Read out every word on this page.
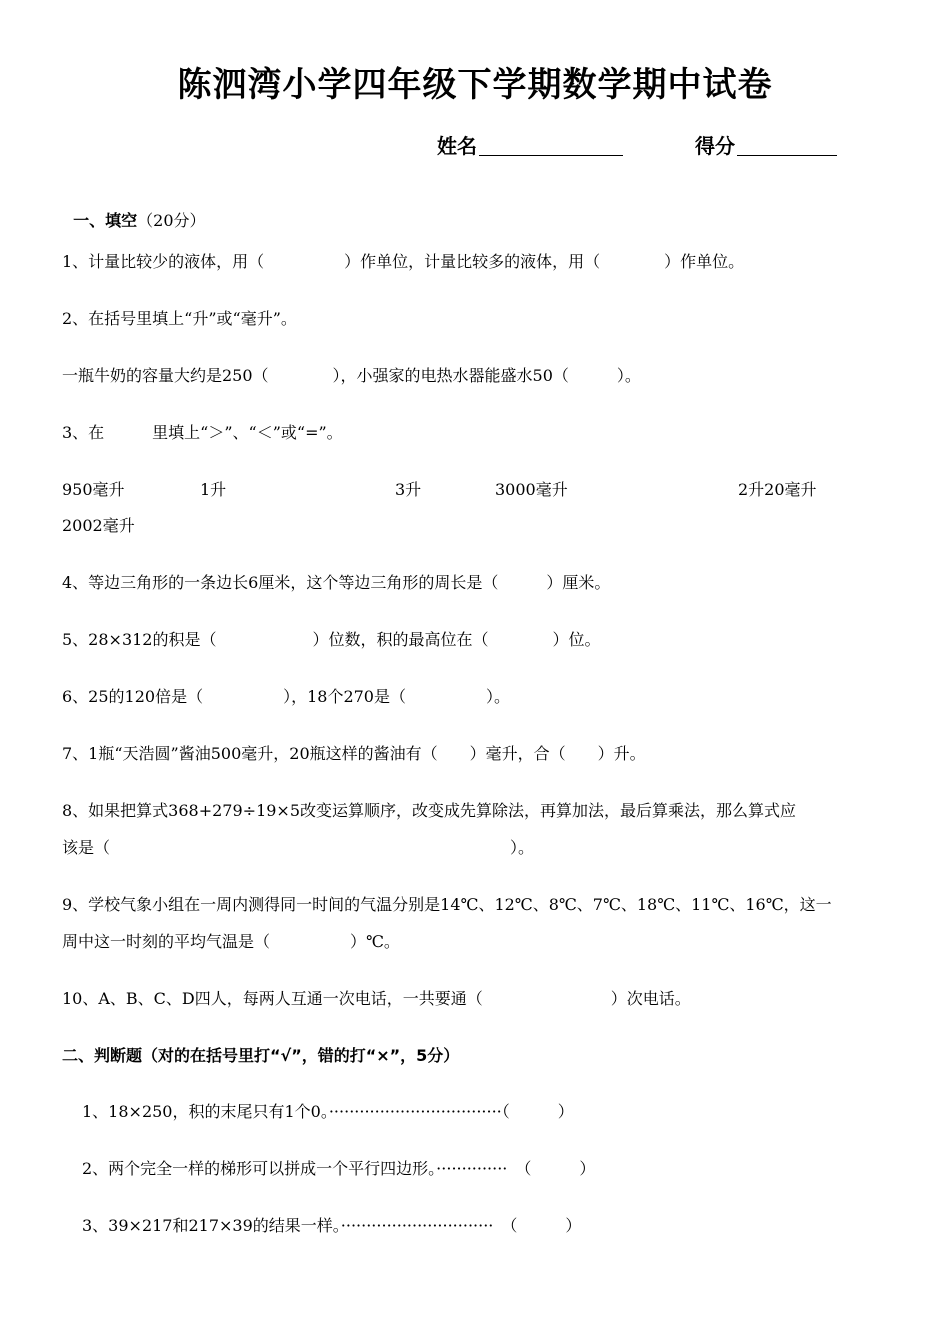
陈泗湾小学四年级下学期数学期中试卷
姓名	得分

一、填空（20分）

1、计量比较少的液体，用（　　　　　）作单位，计量比较多的液体，用（　　　　）作单位。
2、在括号里填上“升”或“毫升”。
一瓶牛奶的容量大约是250（　　　　），小强家的电热水器能盛水50（　　　）。
3、在　　　里填上“＞”、“＜”或“=”。
950毫升	1升	3升	3000毫升	2升20毫升
2002毫升
4、等边三角形的一条边长6厘米，这个等边三角形的周长是（　　　）厘米。
5、28×312的积是（　　　　　　）位数，积的最高位在（　　　　）位。
6、25的120倍是（　　　　　），18个270是（　　　　　）。
7、1瓶“天浩圆”酱油500毫升，20瓶这样的酱油有（　　）毫升，合（　　）升。
8、如果把算式368+279÷19×5改变运算顺序，改变成先算除法，再算加法，最后算乘法，那么算式应
该是（　　　　　　　　　　　　　　　　　　　　　　　　　）。
9、学校气象小组在一周内测得同一时间的气温分别是14℃、12℃、8℃、7℃、18℃、11℃、16℃，这一
周中这一时刻的平均气温是（　　　　　）℃。
10、A、B、C、D四人，每两人互通一次电话，一共要通（　　　　　　　　）次电话。
二、判断题（对的在括号里打“√”，错的打“×”，5分）
1、18×250，积的末尾只有1个0。··································（　　　）
2、两个完全一样的梯形可以拼成一个平行四边形。··············　（　　　）
3、39×217和217×39的结果一样。······························　（　　　）
